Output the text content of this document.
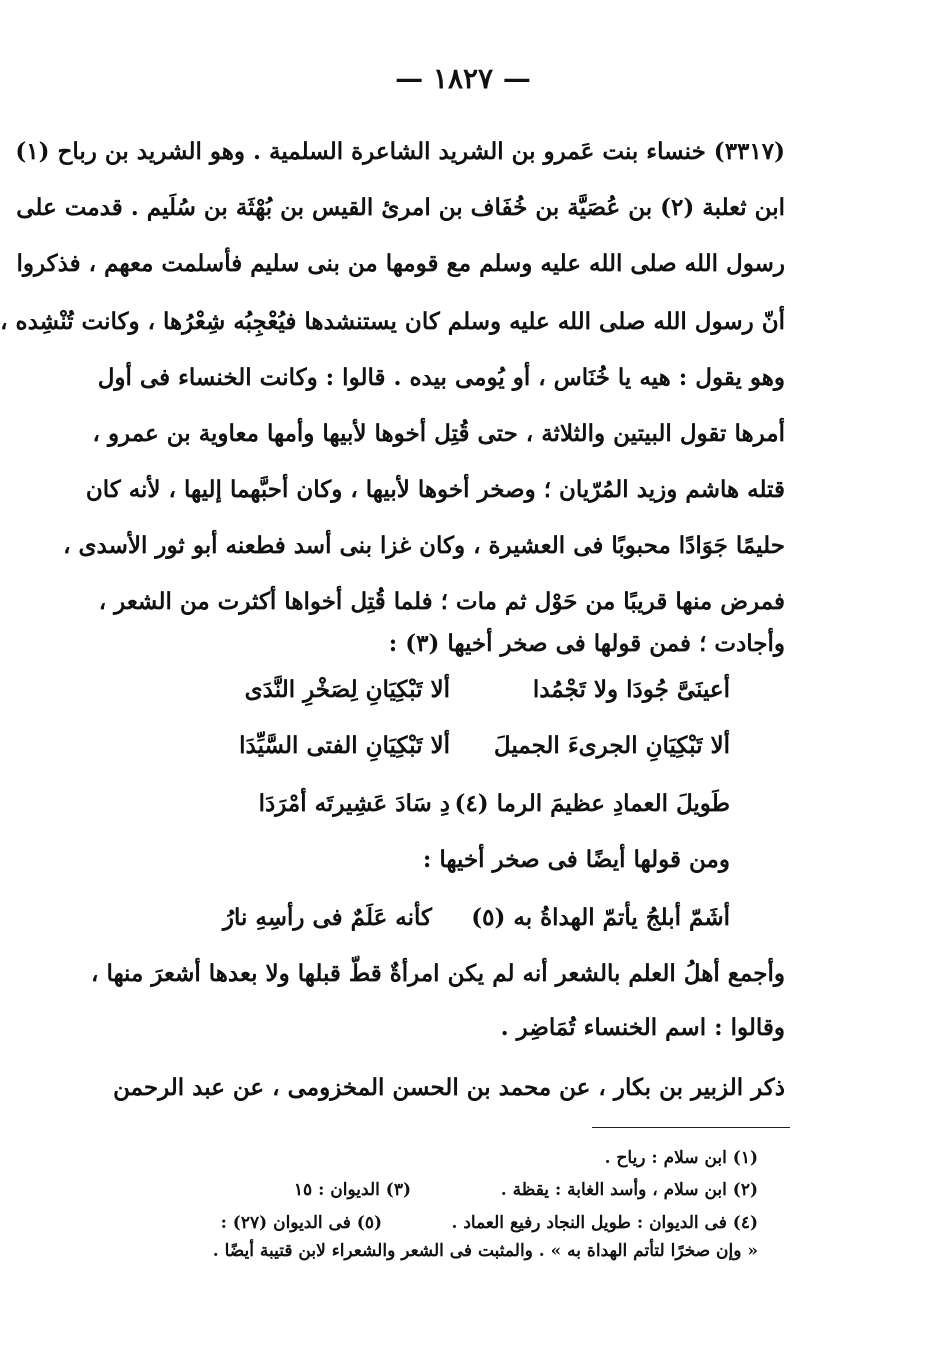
— ١٨٢٧ —
(٣٣١٧) خنساء بنت عَمرو بن الشريد الشاعرة السلمية . وهو الشريد بن رباح (١)
ابن ثعلبة (٢) بن عُصَيَّة بن خُفَاف بن امرئ القيس بن بُهْثَة بن سُلَيم . قدمت على
رسول الله صلى الله عليه وسلم مع قومها من بنى سليم فأسلمت معهم ، فذكروا
أنّ رسول الله صلى الله عليه وسلم كان يستنشدها فيُعْجِبُه شِعْرُها ، وكانت تُنْشِده ،
وهو يقول : هيه يا خُنَاس ، أو يُومى بيده . قالوا : وكانت الخنساء فى أول
أمرها تقول البيتين والثلاثة ، حتى قُتِل أخوها لأبيها وأمها معاوية بن عمرو ،
قتله هاشم وزيد المُرّيان ؛ وصخر أخوها لأبيها ، وكان أحبَّهما إليها ، لأنه كان
حليمًا جَوَادًا محبوبًا فى العشيرة ، وكان غزا بنى أسد فطعنه أبو ثور الأسدى ،
فمرض منها قريبًا من حَوْل ثم مات ؛ فلما قُتِل أخواها أكثرت من الشعر ،
وأجادت ؛ فمن قولها فى صخر أخيها (٣) :
أعينَىَّ جُودَا ولا تَجْمُدا
ألا تَبْكِيَانِ لِصَخْرِ النَّدَى
ألا تَبْكِيَانِ الجرىءَ الجميلَ
ألا تَبْكِيَانِ الفتى السَّيِّدَا
طَويلَ العمادِ عظيمَ الرما (٤)
دِ سَادَ عَشِيرتَه أمْرَدَا
ومن قولها أيضًا فى صخر أخيها :
أشَمّ أبلجُ يأتمّ الهداةُ به (٥)
كأنه عَلَمٌ فى رأسِهِ نارُ
وأجمع أهلُ العلم بالشعر أنه لم يكن امرأةٌ قطّ قبلها ولا بعدها أشعرَ منها ،
وقالوا : اسم الخنساء تُمَاضِر .
ذكر الزبير بن بكار ، عن محمد بن الحسن المخزومى ، عن عبد الرحمن
(١) ابن سلام : رياح .
(٢) ابن سلام ، وأسد الغابة : يقظة .
(٣) الديوان : ١٥
(٤) فى الديوان : طويل النجاد رفيع العماد .
(٥) فى الديوان (٢٧) :
« وإن صخرًا لتأتم الهداة به » . والمثبت فى الشعر والشعراء لابن قتيبة أيضًا .
